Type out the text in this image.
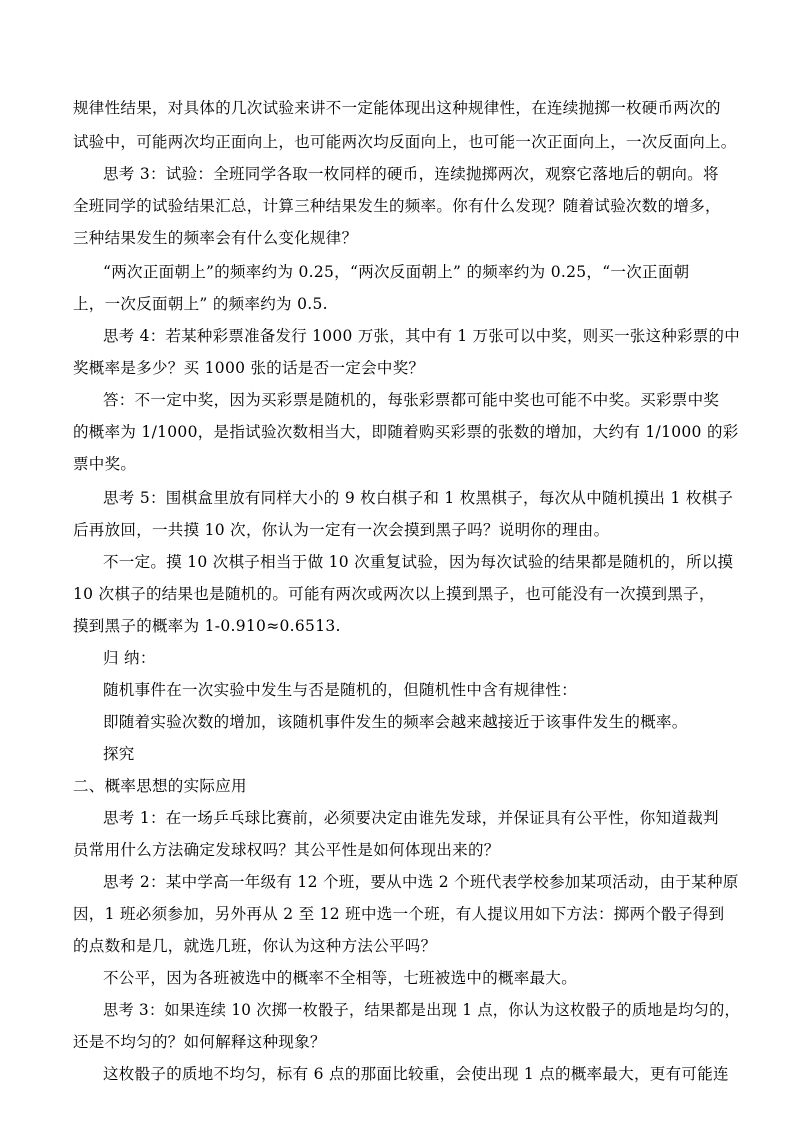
规律性结果，对具体的几次试验来讲不一定能体现出这种规律性，在连续抛掷一枚硬币两次的
试验中，可能两次均正面向上，也可能两次均反面向上，也可能一次正面向上，一次反面向上。
思考 3：试验：全班同学各取一枚同样的硬币，连续抛掷两次，观察它落地后的朝向。将
全班同学的试验结果汇总，计算三种结果发生的频率。你有什么发现？随着试验次数的增多，
三种结果发生的频率会有什么变化规律？
“两次正面朝上”的频率约为 0.25，“两次反面朝上” 的频率约为 0.25，“一次正面朝
上，一次反面朝上” 的频率约为 0.5.
思考 4：若某种彩票准备发行 1000 万张，其中有 1 万张可以中奖，则买一张这种彩票的中
奖概率是多少？买 1000 张的话是否一定会中奖？
答：不一定中奖，因为买彩票是随机的，每张彩票都可能中奖也可能不中奖。买彩票中奖
的概率为 1/1000，是指试验次数相当大，即随着购买彩票的张数的增加，大约有 1/1000 的彩
票中奖。
思考 5：围棋盒里放有同样大小的 9 枚白棋子和 1 枚黑棋子，每次从中随机摸出 1 枚棋子
后再放回，一共摸 10 次，你认为一定有一次会摸到黑子吗？说明你的理由。
不一定。摸 10 次棋子相当于做 10 次重复试验，因为每次试验的结果都是随机的，所以摸
10 次棋子的结果也是随机的。可能有两次或两次以上摸到黑子，也可能没有一次摸到黑子，
摸到黑子的概率为 1-0.910≈0.6513.
归 纳：
随机事件在一次实验中发生与否是随机的，但随机性中含有规律性：
即随着实验次数的增加，该随机事件发生的频率会越来越接近于该事件发生的概率。
探究
二、概率思想的实际应用
思考 1：在一场乒乓球比赛前，必须要决定由谁先发球，并保证具有公平性，你知道裁判
员常用什么方法确定发球权吗？其公平性是如何体现出来的？
思考 2：某中学高一年级有 12 个班，要从中选 2 个班代表学校参加某项活动，由于某种原
因，1 班必须参加，另外再从 2 至 12 班中选一个班，有人提议用如下方法：掷两个骰子得到
的点数和是几，就选几班，你认为这种方法公平吗？
不公平，因为各班被选中的概率不全相等，七班被选中的概率最大。
思考 3：如果连续 10 次掷一枚骰子，结果都是出现 1 点，你认为这枚骰子的质地是均匀的，
还是不均匀的？如何解释这种现象？
这枚骰子的质地不均匀，标有 6 点的那面比较重，会使出现 1 点的概率最大，更有可能连
